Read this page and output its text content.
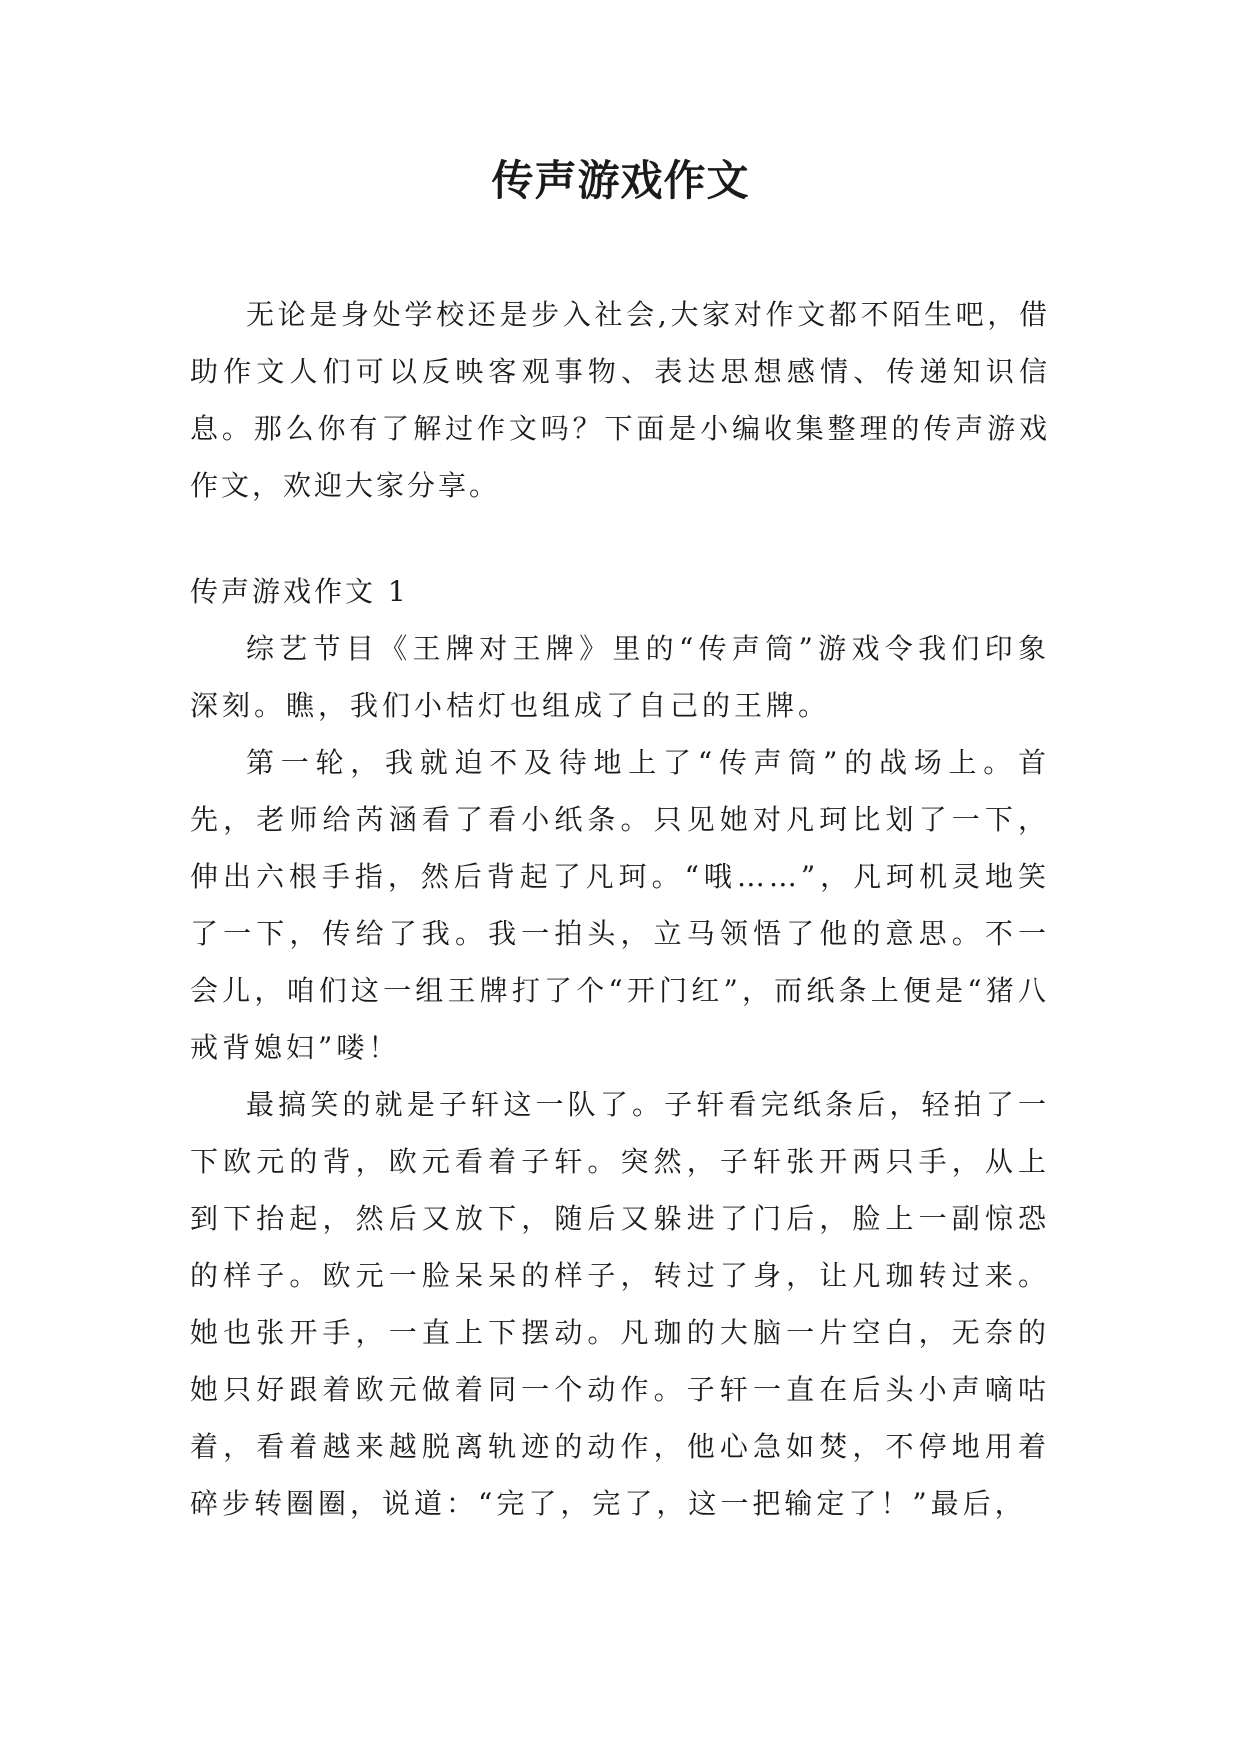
传声游戏作文

无论是身处学校还是步入社会,大家对作文都不陌生吧，借助作文人们可以反映客观事物、表达思想感情、传递知识信息。那么你有了解过作文吗？下面是小编收集整理的传声游戏作文，欢迎大家分享。

传声游戏作文 1

综艺节目《王牌对王牌》里的“传声筒”游戏令我们印象深刻。瞧，我们小桔灯也组成了自己的王牌。

第一轮，我就迫不及待地上了“传声筒”的战场上。首先，老师给芮涵看了看小纸条。只见她对凡珂比划了一下，伸出六根手指，然后背起了凡珂。“哦……”，凡珂机灵地笑了一下，传给了我。我一拍头，立马领悟了他的意思。不一会儿，咱们这一组王牌打了个“开门红”，而纸条上便是“猪八戒背媳妇”喽！

最搞笑的就是子轩这一队了。子轩看完纸条后，轻拍了一下欧元的背，欧元看着子轩。突然，子轩张开两只手，从上到下抬起，然后又放下，随后又躲进了门后，脸上一副惊恐的样子。欧元一脸呆呆的样子，转过了身，让凡珈转过来。她也张开手，一直上下摆动。凡珈的大脑一片空白，无奈的她只好跟着欧元做着同一个动作。子轩一直在后头小声嘀咕着，看着越来越脱离轨迹的动作，他心急如焚，不停地用着碎步转圈圈，说道：“完了，完了，这一把输定了！”最后，
